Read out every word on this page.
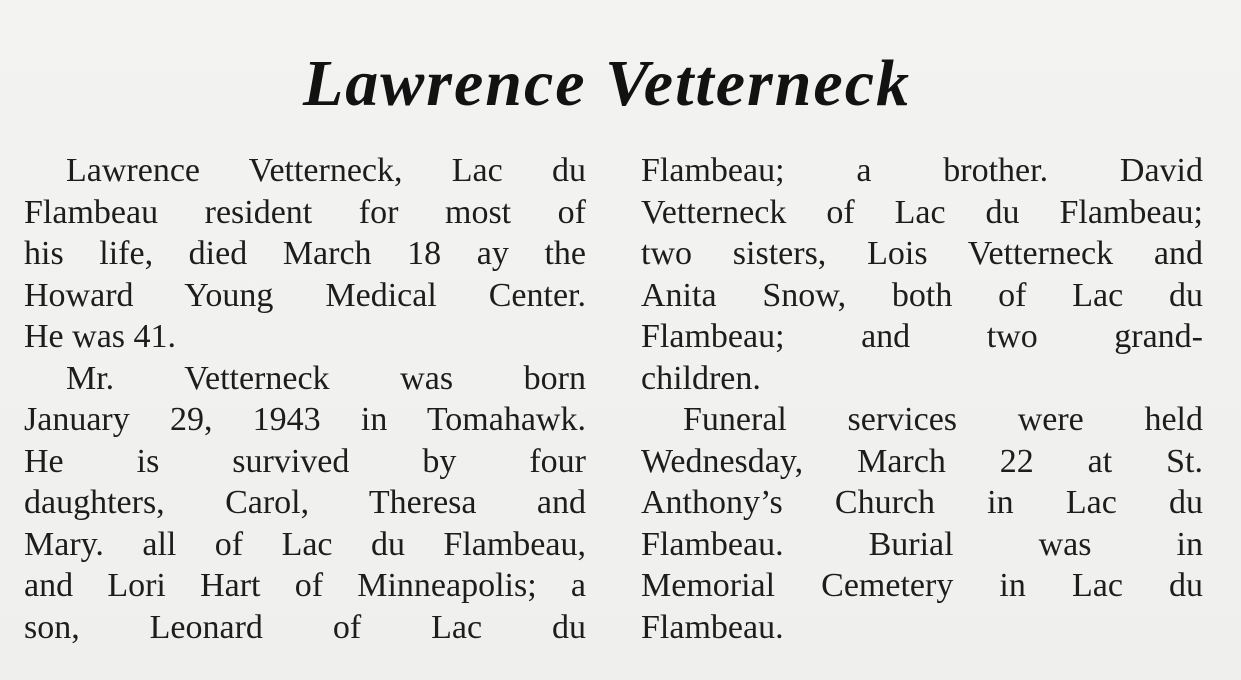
Lawrence Vetterneck
Lawrence Vetterneck, Lac du
Flambeau resident for most of
his life, died March 18 ay the
Howard Young Medical Center.
He was 41.
Mr. Vetterneck was born
January 29, 1943 in Tomahawk.
He is survived by four
daughters, Carol, Theresa and
Mary. all of Lac du Flambeau,
and Lori Hart of Minneapolis; a
son, Leonard of Lac du
Flambeau; a brother. David
Vetterneck of Lac du Flambeau;
two sisters, Lois Vetterneck and
Anita Snow, both of Lac du
Flambeau; and two grand-
children.
Funeral services were held
Wednesday, March 22 at St.
Anthony’s Church in Lac du
Flambeau. Burial was in
Memorial Cemetery in Lac du
Flambeau.
